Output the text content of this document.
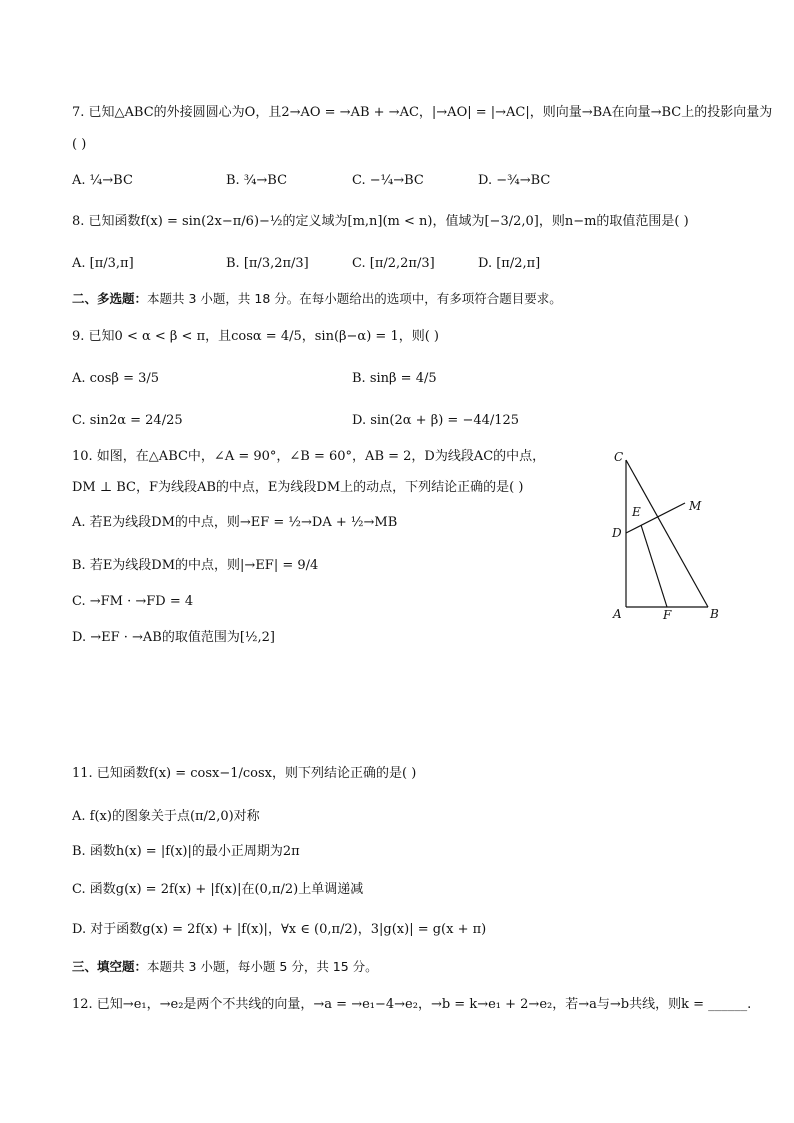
7. 已知△ABC的外接圆圆心为O，且2→AO = →AB + →AC，|→AO| = |→AC|，则向量→BA在向量→BC上的投影向量为
( )
A. ¼→BC	B. ¾→BC	C. −¼→BC	D. −¾→BC
8. 已知函数f(x) = sin(2x−π/6)−½的定义域为[m,n](m < n)，值域为[−3/2,0]，则n−m的取值范围是( )
A. [π/3,π]	B. [π/3,2π/3]	C. [π/2,2π/3]	D. [π/2,π]
二、多选题：本题共 3 小题，共 18 分。在每小题给出的选项中，有多项符合题目要求。
9. 已知0 < α < β < π，且cosα = 4/5，sin(β−α) = 1，则( )
A. cosβ = 3/5	B. sinβ = 4/5
C. sin2α = 24/25	D. sin(2α + β) = −44/125
10. 如图，在△ABC中，∠A = 90°，∠B = 60°，AB = 2，D为线段AC的中点，
DM ⊥ BC，F为线段AB的中点，E为线段DM上的动点，下列结论正确的是( )
A. 若E为线段DM的中点，则→EF = ½→DA + ½→MB
B. 若E为线段DM的中点，则|→EF| = 9/4
C. →FM · →FD = 4
D. →EF · →AB的取值范围为[½,2]
C
M
E
D
A	F	B
11. 已知函数f(x) = cosx−1/cosx，则下列结论正确的是( )
A. f(x)的图象关于点(π/2,0)对称
B. 函数h(x) = |f(x)|的最小正周期为2π
C. 函数g(x) = 2f(x) + |f(x)|在(0,π/2)上单调递减
D. 对于函数g(x) = 2f(x) + |f(x)|，∀x ∈ (0,π/2)，3|g(x)| = g(x + π)
三、填空题：本题共 3 小题，每小题 5 分，共 15 分。
12. 已知→e₁，→e₂是两个不共线的向量，→a = →e₁−4→e₂，→b = k→e₁ + 2→e₂，若→a与→b共线，则k = ______.
